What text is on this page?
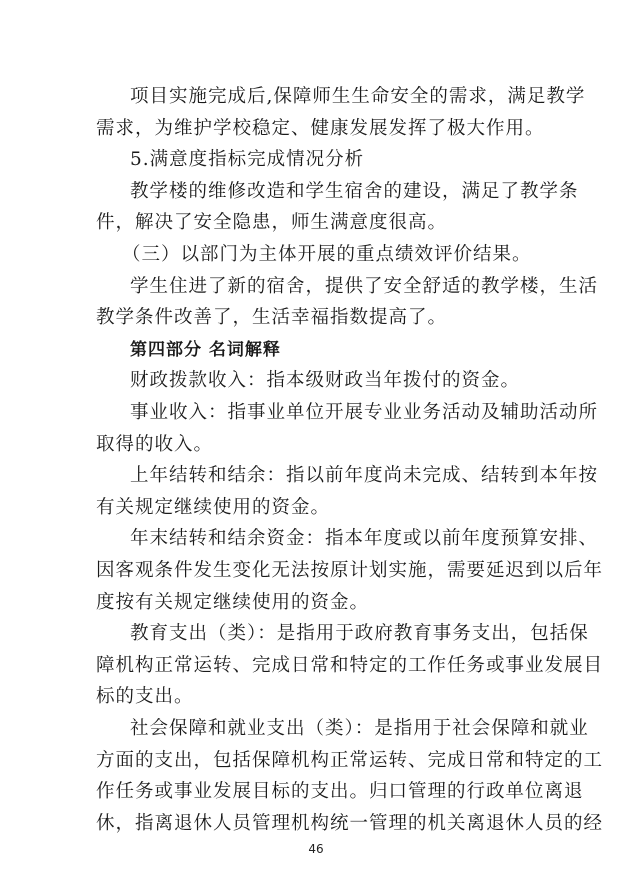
项目实施完成后,保障师生生命安全的需求，满足教学
需求，为维护学校稳定、健康发展发挥了极大作用。
5.满意度指标完成情况分析
教学楼的维修改造和学生宿舍的建设，满足了教学条
件，解决了安全隐患，师生满意度很高。
（三）以部门为主体开展的重点绩效评价结果。
学生住进了新的宿舍，提供了安全舒适的教学楼，生活
教学条件改善了，生活幸福指数提高了。
第四部分 名词解释
财政拨款收入：指本级财政当年拨付的资金。
事业收入：指事业单位开展专业业务活动及辅助活动所
取得的收入。
上年结转和结余：指以前年度尚未完成、结转到本年按
有关规定继续使用的资金。
年末结转和结余资金：指本年度或以前年度预算安排、
因客观条件发生变化无法按原计划实施，需要延迟到以后年
度按有关规定继续使用的资金。
教育支出（类）：是指用于政府教育事务支出，包括保
障机构正常运转、完成日常和特定的工作任务或事业发展目
标的支出。
社会保障和就业支出（类）：是指用于社会保障和就业
方面的支出，包括保障机构正常运转、完成日常和特定的工
作任务或事业发展目标的支出。归口管理的行政单位离退
休，指离退休人员管理机构统一管理的机关离退休人员的经
46
